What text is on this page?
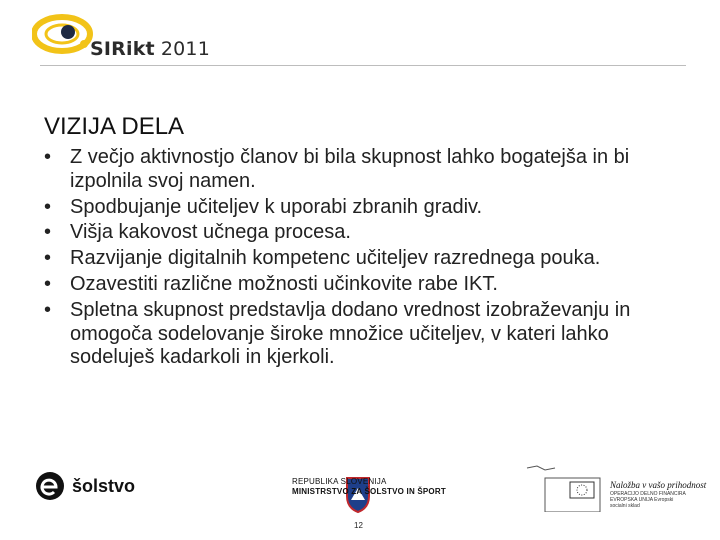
SIRikt 2011
VIZIJA DELA
• Z večjo aktivnostjo članov bi bila skupnost lahko bogatejša in bi izpolnila svoj namen.
• Spodbujanje učiteljev k uporabi zbranih gradiv.
• Višja kakovost učnega procesa.
• Razvijanje digitalnih kompetenc učiteljev razrednega pouka.
• Ozavestiti različne možnosti učinkovite rabe IKT.
• Spletna skupnost predstavlja dodano vrednost izobraževanju in omogoča sodelovanje široke množice učiteljev, v kateri lahko sodeluješ kadarkoli in kjerkoli.
šolstvo	REPUBLIKA SLOVENIJA
MINISTRSTVO ZA ŠOLSTVO IN ŠPORT
Naložba v vašo prihodnost
OPERACIJO DELNO FINANCIRA EVROPSKA UNIJA Evropski socialni sklad
12
